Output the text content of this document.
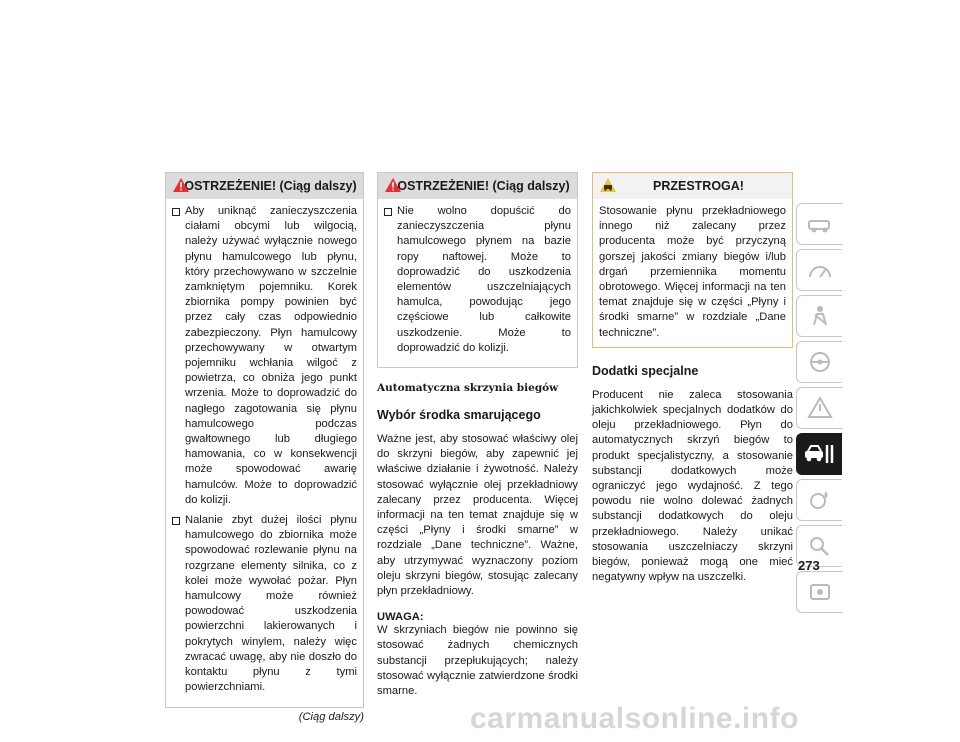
OSTRZEŻENIE! (Ciąg dalszy)
Aby uniknąć zanieczyszczenia ciałami obcymi lub wilgocią, należy używać wyłącznie nowego płynu hamulcowego lub płynu, który przechowywano w szczelnie zamkniętym pojemniku. Korek zbiornika pompy powinien być przez cały czas odpowiednio zabezpieczony. Płyn hamulcowy przechowywany w otwartym pojemniku wchłania wilgoć z powietrza, co obniża jego punkt wrzenia. Może to doprowadzić do nagłego zagotowania się płynu hamulcowego podczas gwałtownego lub długiego hamowania, co w konsekwencji może spowodować awarię hamulców. Może to doprowadzić do kolizji.
Nalanie zbyt dużej ilości płynu hamulcowego do zbiornika może spowodować rozlewanie płynu na rozgrzane elementy silnika, co z kolei może wywołać pożar. Płyn hamulcowy może również powodować uszkodzenia powierzchni lakierowanych i pokrytych winylem, należy więc zwracać uwagę, aby nie doszło do kontaktu płynu z tymi powierzchniami.
(Ciąg dalszy)
OSTRZEŻENIE! (Ciąg dalszy)
Nie wolno dopuścić do zanieczyszczenia płynu hamulcowego płynem na bazie ropy naftowej. Może to doprowadzić do uszkodzenia elementów uszczelniających hamulca, powodując jego częściowe lub całkowite uszkodzenie. Może to doprowadzić do kolizji.
Automatyczna skrzynia biegów
Wybór środka smarującego
Ważne jest, aby stosować właściwy olej do skrzyni biegów, aby zapewnić jej właściwe działanie i żywotność. Należy stosować wyłącznie olej przekładniowy zalecany przez producenta. Więcej informacji na ten temat znajduje się w części „Płyny i środki smarne” w rozdziale „Dane techniczne”. Ważne, aby utrzymywać wyznaczony poziom oleju skrzyni biegów, stosując zalecany płyn przekładniowy.
UWAGA:
W skrzyniach biegów nie powinno się stosować żadnych chemicznych substancji przepłukujących; należy stosować wyłącznie zatwierdzone środki smarne.
PRZESTROGA!
Stosowanie płynu przekładniowego innego niż zalecany przez producenta może być przyczyną gorszej jakości zmiany biegów i/lub drgań przemiennika momentu obrotowego. Więcej informacji na ten temat znajduje się w części „Płyny i środki smarne” w rozdziale „Dane techniczne”.
Dodatki specjalne
Producent nie zaleca stosowania jakichkolwiek specjalnych dodatków do oleju przekładniowego. Płyn do automatycznych skrzyń biegów to produkt specjalistyczny, a stosowanie substancji dodatkowych może ograniczyć jego wydajność. Z tego powodu nie wolno dolewać żadnych substancji dodatkowych do oleju przekładniowego. Należy unikać stosowania uszczelniaczy skrzyni biegów, ponieważ mogą one mieć negatywny wpływ na uszczelki.
273
carmanualsonline.info
